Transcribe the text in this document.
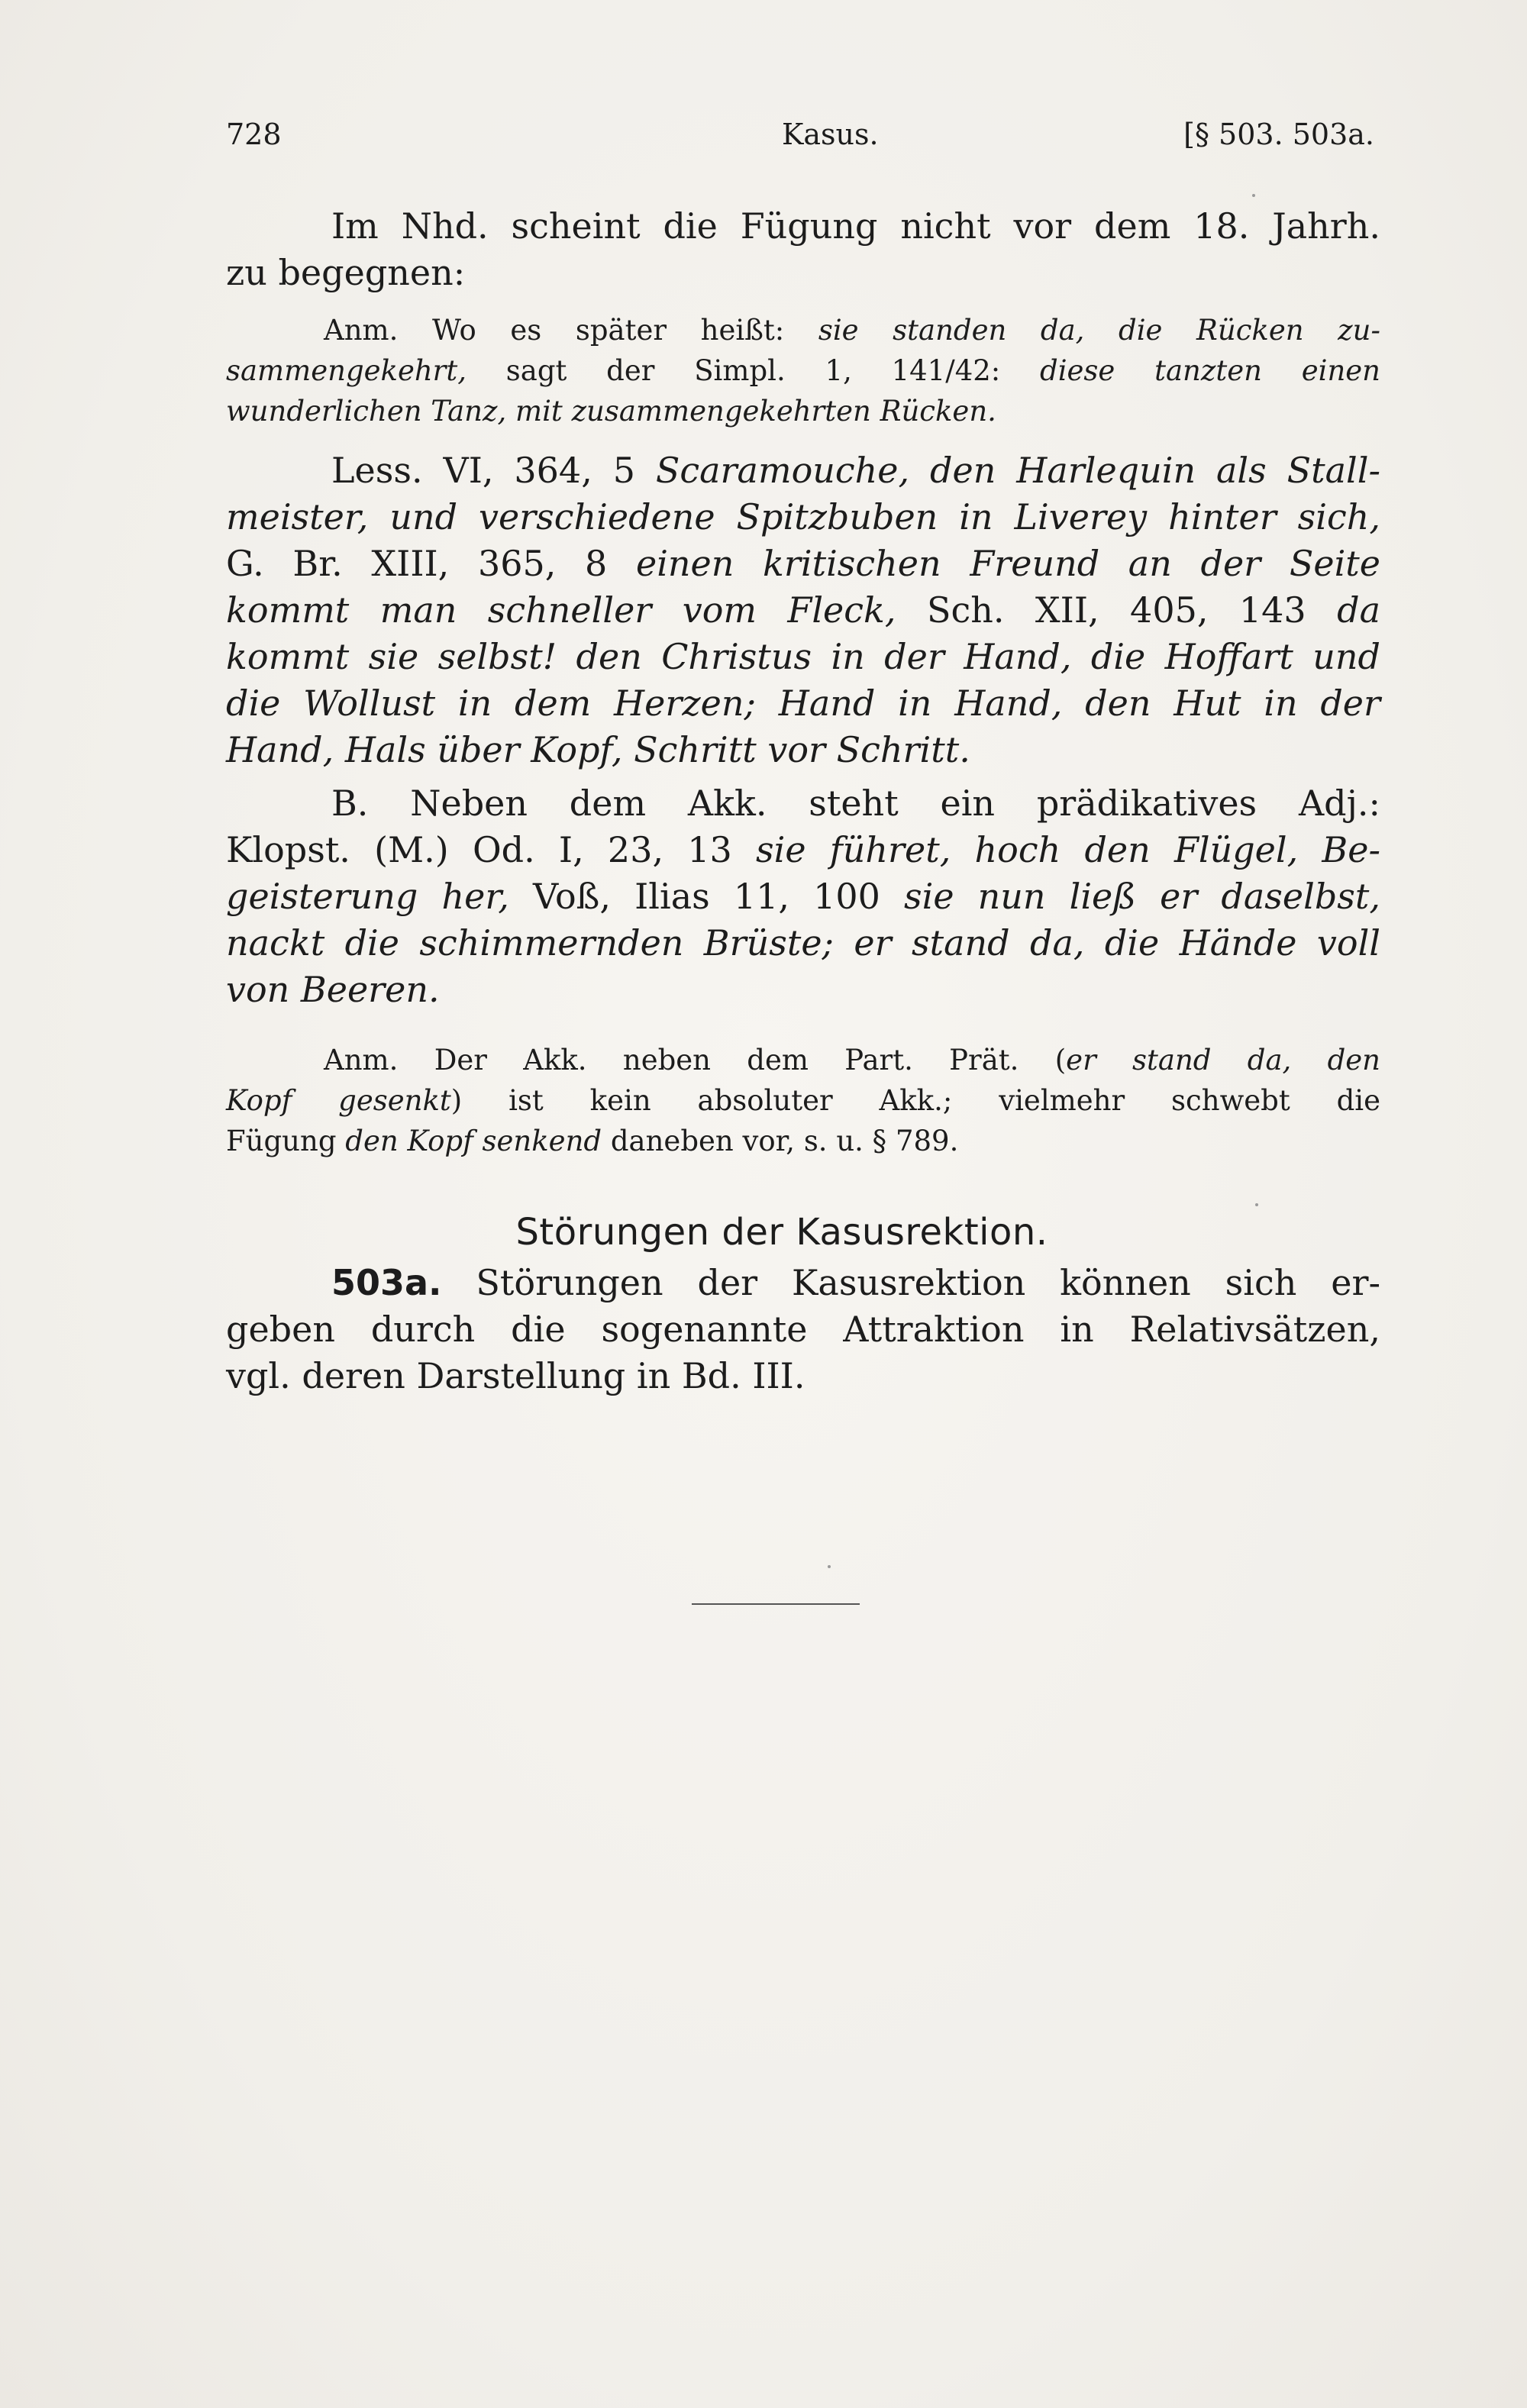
728	Kasus.	[§ 503. 503a.
Im Nhd. scheint die Fügung nicht vor dem 18. Jahrh.
zu begegnen:
Anm. Wo es später heißt: sie standen da, die Rücken zu-
sammengekehrt, sagt der Simpl. 1, 141/42: diese tanzten einen
wunderlichen Tanz, mit zusammengekehrten Rücken.
Less. VI, 364, 5 Scaramouche, den Harlequin als Stall-
meister, und verschiedene Spitzbuben in Liverey hinter sich,
G. Br. XIII, 365, 8 einen kritischen Freund an der Seite
kommt man schneller vom Fleck, Sch. XII, 405, 143 da
kommt sie selbst! den Christus in der Hand, die Hoffart und
die Wollust in dem Herzen; Hand in Hand, den Hut in der
Hand, Hals über Kopf, Schritt vor Schritt.
B. Neben dem Akk. steht ein prädikatives Adj.:
Klopst. (M.) Od. I, 23, 13 sie führet, hoch den Flügel, Be-
geisterung her, Voß, Ilias 11, 100 sie nun ließ er daselbst,
nackt die schimmernden Brüste; er stand da, die Hände voll
von Beeren.
Anm. Der Akk. neben dem Part. Prät. (er stand da, den
Kopf gesenkt) ist kein absoluter Akk.; vielmehr schwebt die
Fügung den Kopf senkend daneben vor, s. u. § 789.
Störungen der Kasusrektion.
503a. Störungen der Kasusrektion können sich er-
geben durch die sogenannte Attraktion in Relativsätzen,
vgl. deren Darstellung in Bd. III.
